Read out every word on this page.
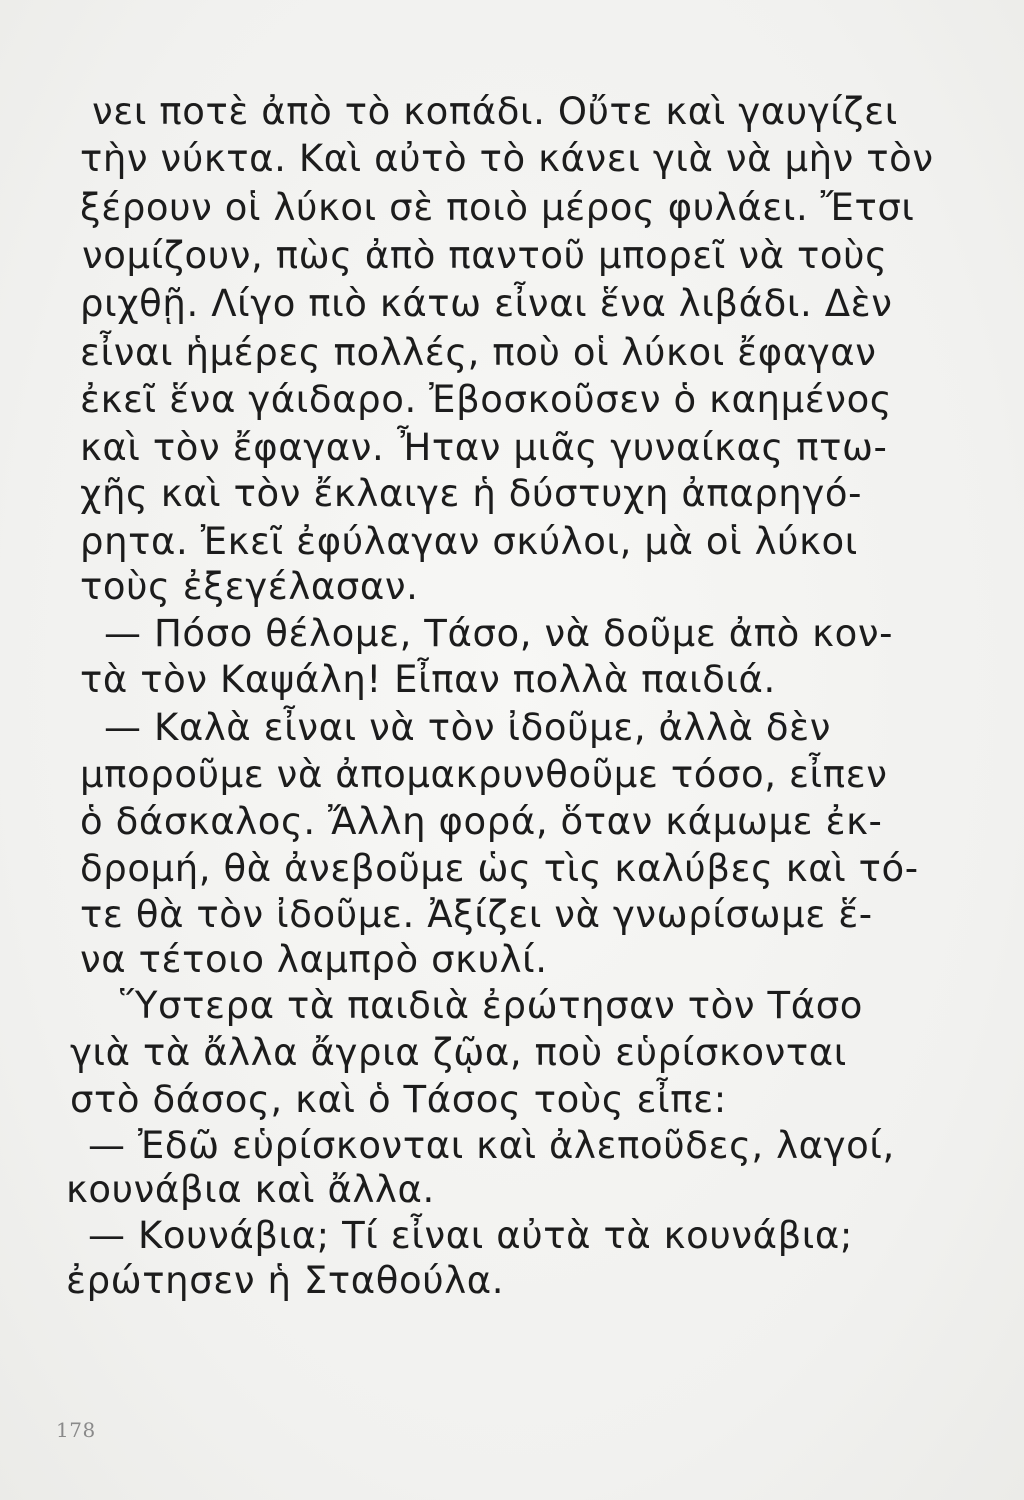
νει ποτὲ ἀπὸ τὸ κοπάδι. Οὔτε καὶ γαυγίζει
τὴν νύκτα. Καὶ αὐτὸ τὸ κάνει γιὰ νὰ μὴν τὸν
ξέρουν οἱ λύκοι σὲ ποιὸ μέρος φυλάει. Ἔτσι
νομίζουν, πὼς ἀπὸ παντοῦ μπορεῖ νὰ τοὺς
ριχθῇ. Λίγο πιὸ κάτω εἶναι ἕνα λιβάδι. Δὲν
εἶναι ἡμέρες πολλές, ποὺ οἱ λύκοι ἔφαγαν
ἐκεῖ ἕνα γάιδαρο. Ἐβοσκοῦσεν ὁ καημένος
καὶ τὸν ἔφαγαν. Ἦταν μιᾶς γυναίκας πτω-
χῆς καὶ τὸν ἔκλαιγε ἡ δύστυχη ἀπαρηγό-
ρητα. Ἐκεῖ ἐφύλαγαν σκύλοι, μὰ οἱ λύκοι
τοὺς ἐξεγέλασαν.
— Πόσο θέλομε, Τάσο, νὰ δοῦμε ἀπὸ κον-
τὰ τὸν Καψάλη! Εἶπαν πολλὰ παιδιά.
— Καλὰ εἶναι νὰ τὸν ἰδοῦμε, ἀλλὰ δὲν
μποροῦμε νὰ ἀπομακρυνθοῦμε τόσο, εἶπεν
ὁ δάσκαλος. Ἄλλη φορά, ὅταν κάμωμε ἐκ-
δρομή, θὰ ἀνεβοῦμε ὡς τὶς καλύβες καὶ τό-
τε θὰ τὸν ἰδοῦμε. Ἀξίζει νὰ γνωρίσωμε ἕ-
να τέτοιο λαμπρὸ σκυλί.
Ὕστερα τὰ παιδιὰ ἐρώτησαν τὸν Τάσο
γιὰ τὰ ἄλλα ἄγρια ζῷα, ποὺ εὑρίσκονται
στὸ δάσος, καὶ ὁ Τάσος τοὺς εἶπε:
— Ἐδῶ εὑρίσκονται καὶ ἀλεποῦδες, λαγοί,
κουνάβια καὶ ἄλλα.
— Κουνάβια; Τί εἶναι αὐτὰ τὰ κουνάβια;
ἐρώτησεν ἡ Σταθούλα.
178
